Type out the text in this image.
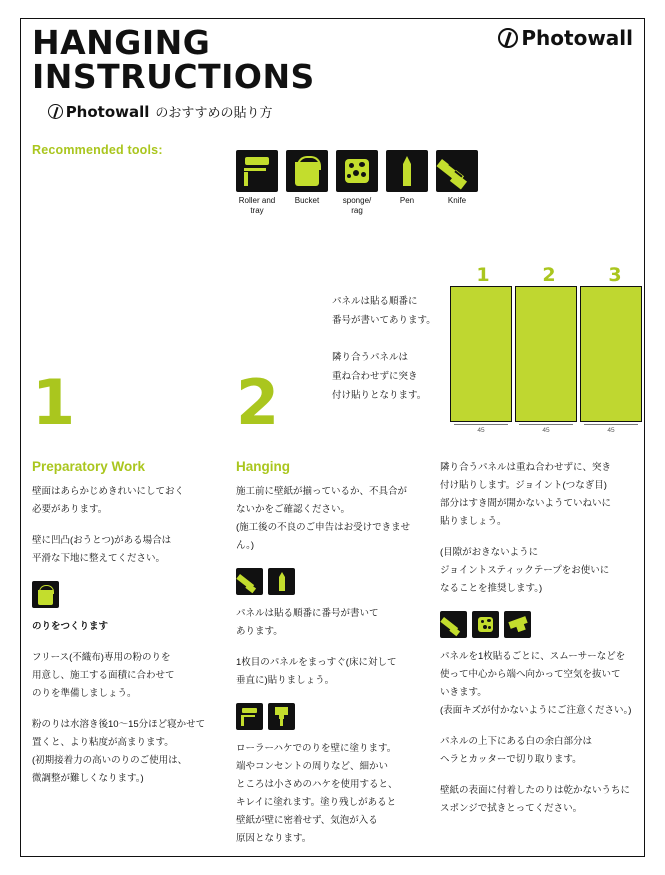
HANGING
INSTRUCTIONS
Photowall のおすすめの貼り方
Photowall
Recommended tools:
Roller and tray
Bucket	sponge/ rag
Pen	Knife
1	2	3
45	45	45
パネルは貼る順番に
番号が書いてあります。
隣り合うパネルは
重ね合わせずに突き
付け貼りとなります。
1
Preparatory Work
2
Hanging

壁面はあらかじめきれいにしておく
必要があります。

壁に凹凸(おうとつ)がある場合は
平滑な下地に整えてください。

のりをつくります

フリース(不織布)専用の粉のりを
用意し、施工する面積に合わせて
のりを準備しましょう。

粉のりは水溶き後10〜15分ほど寝かせて
置くと、より粘度が高まります。
(初期接着力の高いのりのご使用は、
微調整が難しくなります。)

施工前に壁紙が揃っているか、不具合が
ないかをご確認ください。
(施工後の不良のご申告はお受けできません。)

パネルは貼る順番に番号が書いて
あります。

1枚目のパネルをまっすぐ(床に対して
垂直に)貼りましょう。

ローラーハケでのりを壁に塗ります。
端やコンセントの周りなど、細かい
ところは小さめのハケを使用すると、
キレイに塗れます。塗り残しがあると
壁紙が壁に密着せず、気泡が入る
原因となります。

隣り合うパネルは重ね合わせずに、突き
付け貼りします。ジョイント(つなぎ目)
部分はすき間が開かないようていねいに
貼りましょう。

(目隙がおきないように
ジョイントスティックテープをお使いに
なることを推奨します。)

パネルを1枚貼るごとに、スムーサーなどを
使って中心から端へ向かって空気を抜いて
いきます。
(表面キズが付かないようにご注意ください。)

パネルの上下にある白の余白部分は
ヘラとカッターで切り取ります。

壁紙の表面に付着したのりは乾かないうちに
スポンジで拭きとってください。
